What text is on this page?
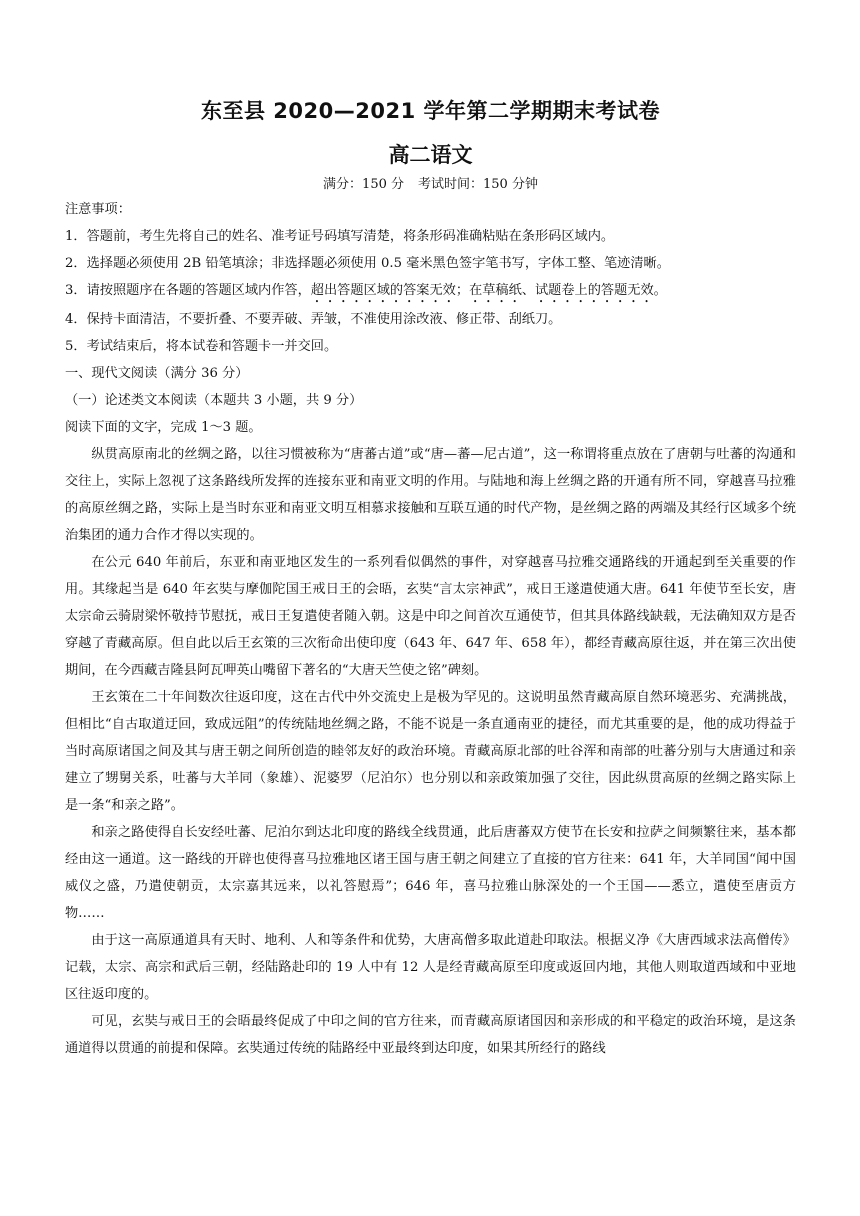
东至县 2020—2021 学年第二学期期末考试卷
高二语文

满分：150 分 考试时间：150 分钟

注意事项：

1．答题前，考生先将自己的姓名、准考证号码填写清楚，将条形码准确粘贴在条形码区域内。

2．选择题必须使用 2B 铅笔填涂；非选择题必须使用 0.5 毫米黑色签字笔书写，字体工整、笔迹清晰。

3．请按照题序在各题的答题区域内作答，超出答题区域的答案无效；在草稿纸、试题卷上的答题无效。

4．保持卡面清洁，不要折叠、不要弄破、弄皱，不准使用涂改液、修正带、刮纸刀。

5．考试结束后，将本试卷和答题卡一并交回。

一、现代文阅读（满分 36 分）

（一）论述类文本阅读（本题共 3 小题，共 9 分）

阅读下面的文字，完成 1～3 题。

纵贯高原南北的丝绸之路，以往习惯被称为“唐蕃古道”或“唐—蕃—尼古道”，这一称谓将重点放在了唐朝与吐蕃的沟通和交往上，实际上忽视了这条路线所发挥的连接东亚和南亚文明的作用。与陆地和海上丝绸之路的开通有所不同，穿越喜马拉雅的高原丝绸之路，实际上是当时东亚和南亚文明互相慕求接触和互联互通的时代产物，是丝绸之路的两端及其经行区域多个统治集团的通力合作才得以实现的。

在公元 640 年前后，东亚和南亚地区发生的一系列看似偶然的事件，对穿越喜马拉雅交通路线的开通起到至关重要的作用。其缘起当是 640 年玄奘与摩伽陀国王戒日王的会晤，玄奘“言太宗神武”，戒日王遂遣使通大唐。641 年使节至长安，唐太宗命云骑尉梁怀敬持节慰抚，戒日王复遣使者随入朝。这是中印之间首次互通使节，但其具体路线缺载，无法确知双方是否穿越了青藏高原。但自此以后王玄策的三次衔命出使印度（643 年、647 年、658 年），都经青藏高原往返，并在第三次出使期间，在今西藏吉隆县阿瓦呷英山嘴留下著名的“大唐天竺使之铭”碑刻。

王玄策在二十年间数次往返印度，这在古代中外交流史上是极为罕见的。这说明虽然青藏高原自然环境恶劣、充满挑战，但相比“自古取道迂回，致成远阻”的传统陆地丝绸之路，不能不说是一条直通南亚的捷径，而尤其重要的是，他的成功得益于当时高原诸国之间及其与唐王朝之间所创造的睦邻友好的政治环境。青藏高原北部的吐谷浑和南部的吐蕃分别与大唐通过和亲建立了甥舅关系，吐蕃与大羊同（象雄）、泥婆罗（尼泊尔）也分别以和亲政策加强了交往，因此纵贯高原的丝绸之路实际上是一条“和亲之路”。

和亲之路使得自长安经吐蕃、尼泊尔到达北印度的路线全线贯通，此后唐蕃双方使节在长安和拉萨之间频繁往来，基本都经由这一通道。这一路线的开辟也使得喜马拉雅地区诸王国与唐王朝之间建立了直接的官方往来：641 年，大羊同国“闻中国威仪之盛，乃遣使朝贡，太宗嘉其远来，以礼答慰焉”；646 年，喜马拉雅山脉深处的一个王国——悉立，遣使至唐贡方物……

由于这一高原通道具有天时、地利、人和等条件和优势，大唐高僧多取此道赴印取法。根据义净《大唐西域求法高僧传》记载，太宗、高宗和武后三朝，经陆路赴印的 19 人中有 12 人是经青藏高原至印度或返回内地，其他人则取道西域和中亚地区往返印度的。

可见，玄奘与戒日王的会晤最终促成了中印之间的官方往来，而青藏高原诸国因和亲形成的和平稳定的政治环境，是这条通道得以贯通的前提和保障。玄奘通过传统的陆路经中亚最终到达印度，如果其所经行的路线
